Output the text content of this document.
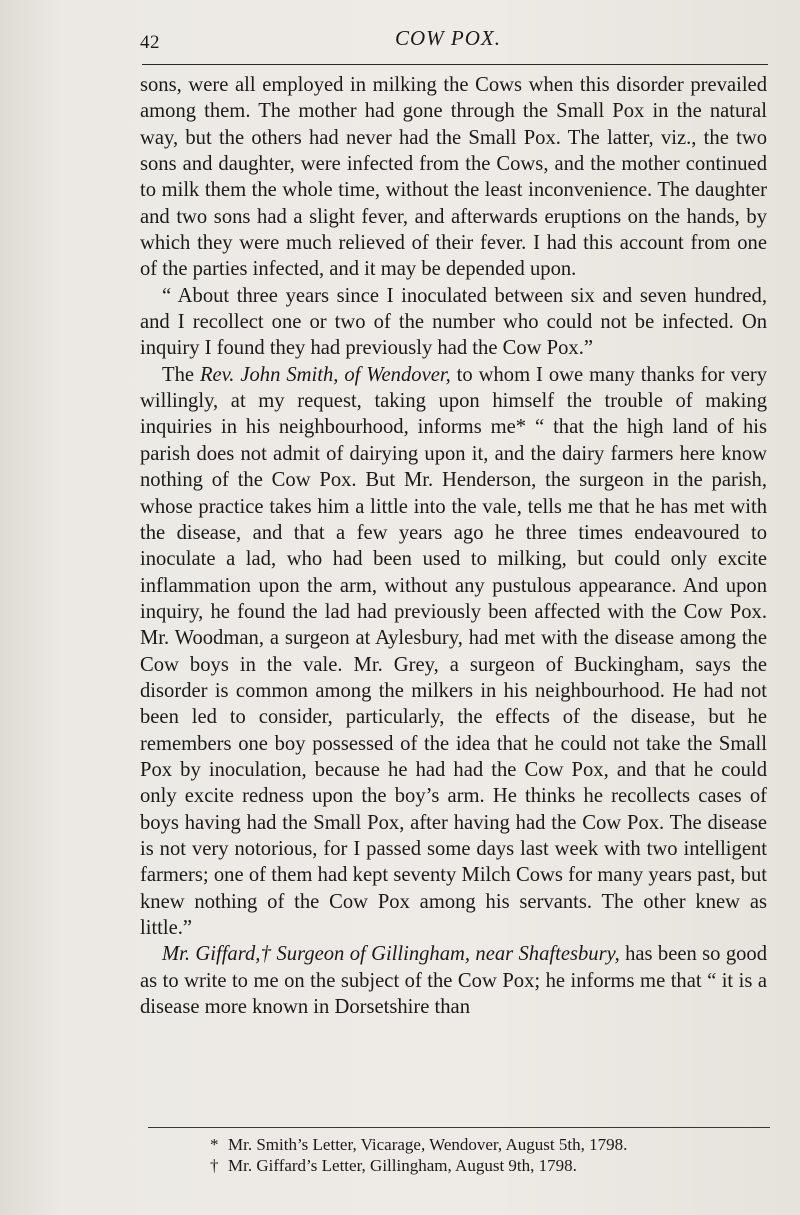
42	COW POX.

sons, were all employed in milking the Cows when this disorder prevailed among them. The mother had gone through the Small Pox in the natural way, but the others had never had the Small Pox. The latter, viz., the two sons and daughter, were infected from the Cows, and the mother continued to milk them the whole time, without the least inconvenience. The daughter and two sons had a slight fever, and afterwards eruptions on the hands, by which they were much relieved of their fever. I had this account from one of the parties infected, and it may be depended upon.

“ About three years since I inoculated between six and seven hundred, and I recollect one or two of the number who could not be infected. On inquiry I found they had previously had the Cow Pox.”

The Rev. John Smith, of Wendover, to whom I owe many thanks for very willingly, at my request, taking upon himself the trouble of making inquiries in his neighbourhood, informs me* “ that the high land of his parish does not admit of dairying upon it, and the dairy farmers here know nothing of the Cow Pox. But Mr. Henderson, the surgeon in the parish, whose practice takes him a little into the vale, tells me that he has met with the disease, and that a few years ago he three times endeavoured to inoculate a lad, who had been used to milking, but could only excite inflammation upon the arm, without any pustulous appearance. And upon inquiry, he found the lad had previously been affected with the Cow Pox. Mr. Woodman, a surgeon at Aylesbury, had met with the disease among the Cow boys in the vale. Mr. Grey, a surgeon of Buckingham, says the disorder is common among the milkers in his neighbourhood. He had not been led to consider, particularly, the effects of the disease, but he remembers one boy possessed of the idea that he could not take the Small Pox by inoculation, because he had had the Cow Pox, and that he could only excite redness upon the boy’s arm. He thinks he recollects cases of boys having had the Small Pox, after having had the Cow Pox. The disease is not very notorious, for I passed some days last week with two intelligent farmers; one of them had kept seventy Milch Cows for many years past, but knew nothing of the Cow Pox among his servants. The other knew as little.”

Mr. Giffard,† Surgeon of Gillingham, near Shaftesbury, has been so good as to write to me on the subject of the Cow Pox; he informs me that “ it is a disease more known in Dorsetshire than

* Mr. Smith’s Letter, Vicarage, Wendover, August 5th, 1798.
† Mr. Giffard’s Letter, Gillingham, August 9th, 1798.
